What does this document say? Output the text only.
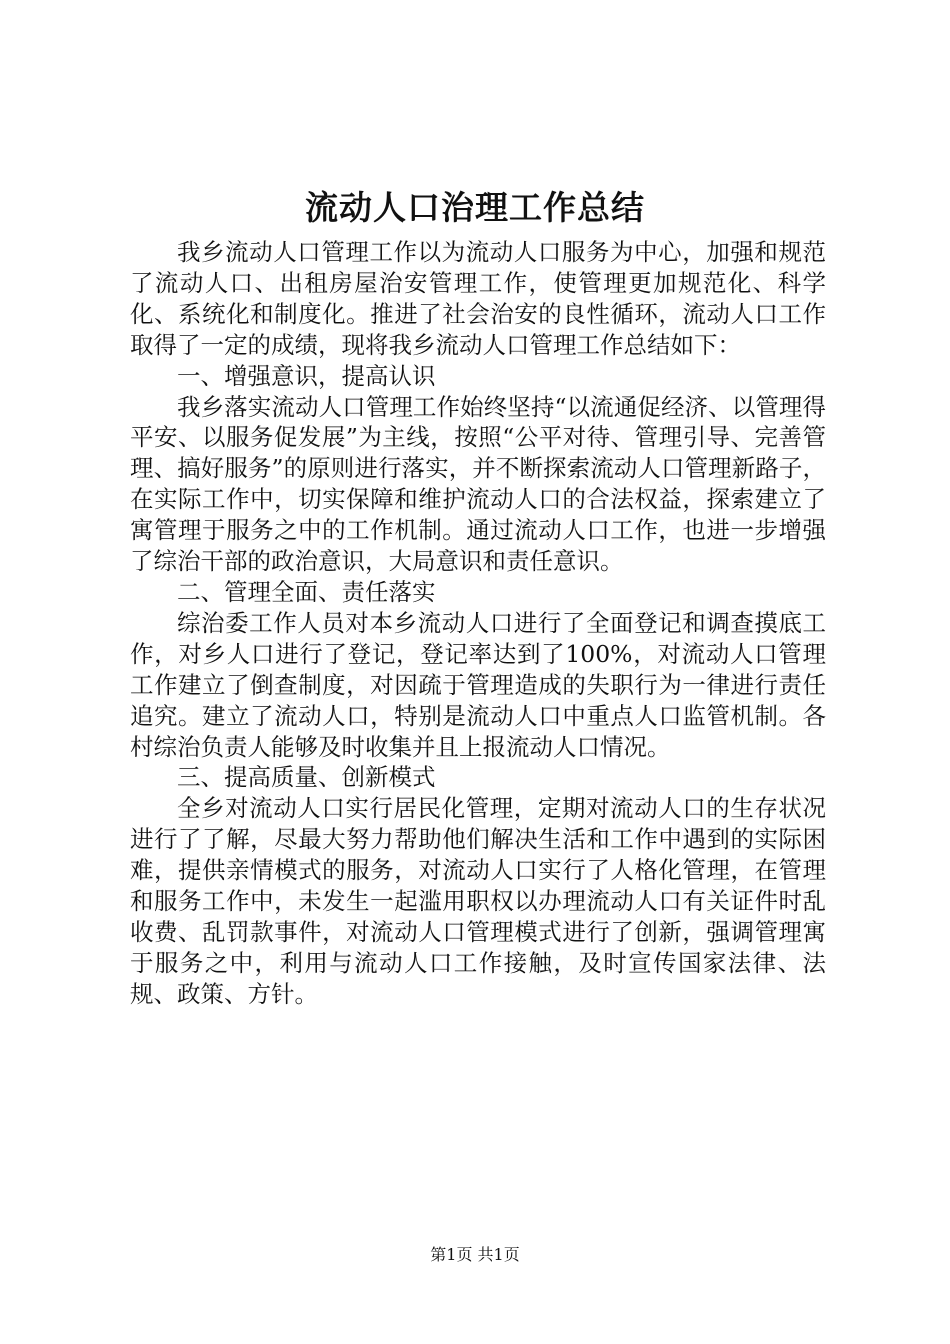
流动人口治理工作总结

我乡流动人口管理工作以为流动人口服务为中心，加强和规范了流动人口、出租房屋治安管理工作，使管理更加规范化、科学化、系统化和制度化。推进了社会治安的良性循环，流动人口工作取得了一定的成绩，现将我乡流动人口管理工作总结如下：

一、增强意识，提高认识

我乡落实流动人口管理工作始终坚持“以流通促经济、以管理得平安、以服务促发展”为主线，按照“公平对待、管理引导、完善管理、搞好服务”的原则进行落实，并不断探索流动人口管理新路子，在实际工作中，切实保障和维护流动人口的合法权益，探索建立了寓管理于服务之中的工作机制。通过流动人口工作，也进一步增强了综治干部的政治意识，大局意识和责任意识。

二、管理全面、责任落实

综治委工作人员对本乡流动人口进行了全面登记和调查摸底工作，对乡人口进行了登记，登记率达到了100%，对流动人口管理工作建立了倒查制度，对因疏于管理造成的失职行为一律进行责任追究。建立了流动人口，特别是流动人口中重点人口监管机制。各村综治负责人能够及时收集并且上报流动人口情况。

三、提高质量、创新模式

全乡对流动人口实行居民化管理，定期对流动人口的生存状况进行了了解，尽最大努力帮助他们解决生活和工作中遇到的实际困难，提供亲情模式的服务，对流动人口实行了人格化管理，在管理和服务工作中，未发生一起滥用职权以办理流动人口有关证件时乱收费、乱罚款事件，对流动人口管理模式进行了创新，强调管理寓于服务之中，利用与流动人口工作接触，及时宣传国家法律、法规、政策、方针。

第1页 共1页
